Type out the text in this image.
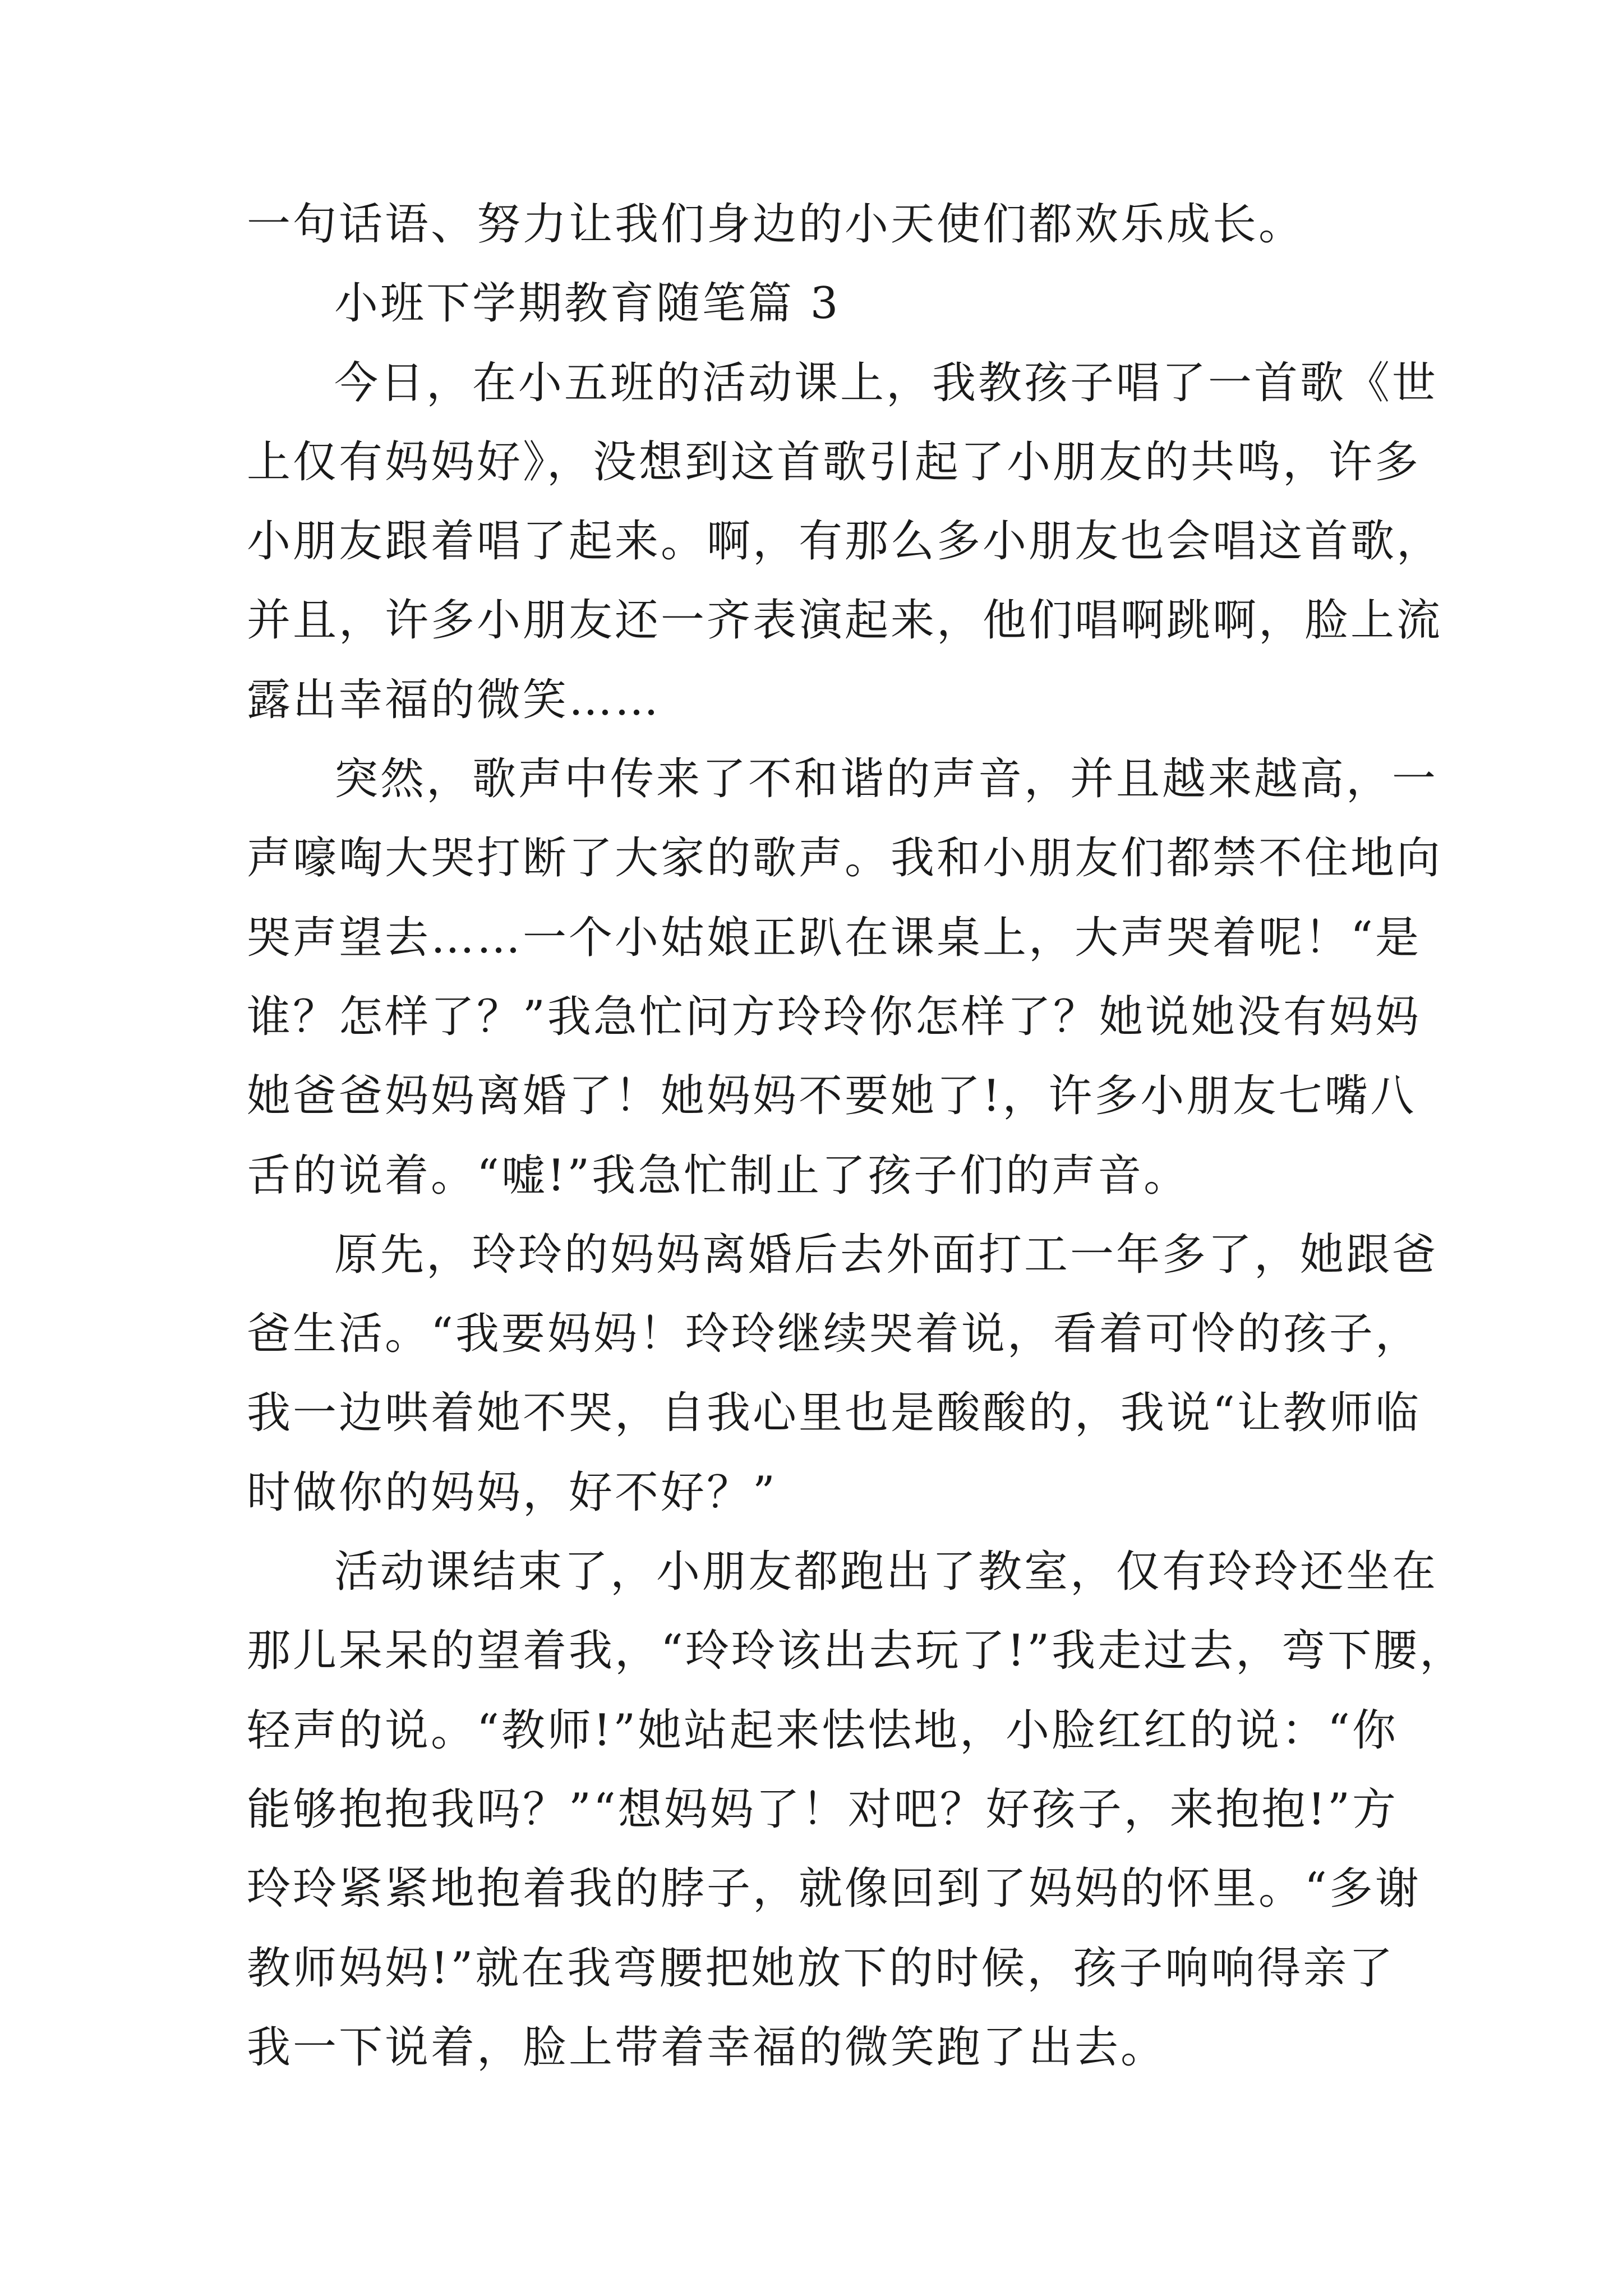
一句话语、努力让我们身边的小天使们都欢乐成长。
小班下学期教育随笔篇 3
今日，在小五班的活动课上，我教孩子唱了一首歌《世
上仅有妈妈好》，没想到这首歌引起了小朋友的共鸣，许多
小朋友跟着唱了起来。啊，有那么多小朋友也会唱这首歌，
并且，许多小朋友还一齐表演起来，他们唱啊跳啊，脸上流
露出幸福的微笑……
突然，歌声中传来了不和谐的声音，并且越来越高，一
声嚎啕大哭打断了大家的歌声。我和小朋友们都禁不住地向
哭声望去……一个小姑娘正趴在课桌上，大声哭着呢！“是
谁？怎样了？”我急忙问方玲玲你怎样了？她说她没有妈妈
她爸爸妈妈离婚了！她妈妈不要她了!，许多小朋友七嘴八
舌的说着。“嘘!”我急忙制止了孩子们的声音。
原先，玲玲的妈妈离婚后去外面打工一年多了，她跟爸
爸生活。“我要妈妈！玲玲继续哭着说，看着可怜的孩子，
我一边哄着她不哭，自我心里也是酸酸的，我说“让教师临
时做你的妈妈，好不好？”
活动课结束了，小朋友都跑出了教室，仅有玲玲还坐在
那儿呆呆的望着我，“玲玲该出去玩了!”我走过去，弯下腰，
轻声的说。“教师!”她站起来怯怯地，小脸红红的说：“你
能够抱抱我吗？”“想妈妈了！对吧？好孩子，来抱抱!”方
玲玲紧紧地抱着我的脖子，就像回到了妈妈的怀里。“多谢
教师妈妈!”就在我弯腰把她放下的时候，孩子响响得亲了
我一下说着，脸上带着幸福的微笑跑了出去。
